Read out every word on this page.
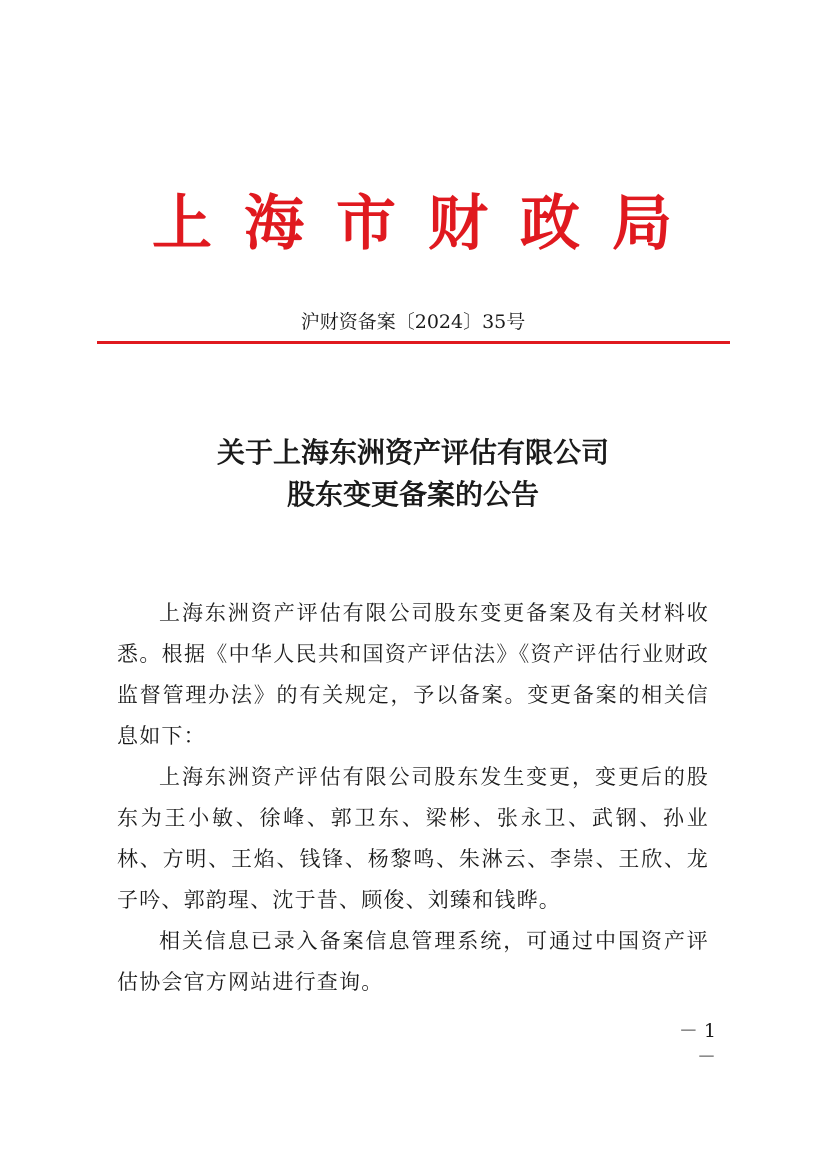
上海市财政局
沪财资备案〔2024〕35号
关于上海东洲资产评估有限公司
股东变更备案的公告

上海东洲资产评估有限公司股东变更备案及有关材料收悉。根据《中华人民共和国资产评估法》《资产评估行业财政监督管理办法》的有关规定，予以备案。变更备案的相关信息如下：

上海东洲资产评估有限公司股东发生变更，变更后的股东为王小敏、徐峰、郭卫东、梁彬、张永卫、武钢、孙业林、方明、王焰、钱锋、杨黎鸣、朱淋云、李崇、王欣、龙子吟、郭韵瑆、沈于昔、顾俊、刘臻和钱晔。

相关信息已录入备案信息管理系统，可通过中国资产评估协会官方网站进行查询。

－ 1 －
